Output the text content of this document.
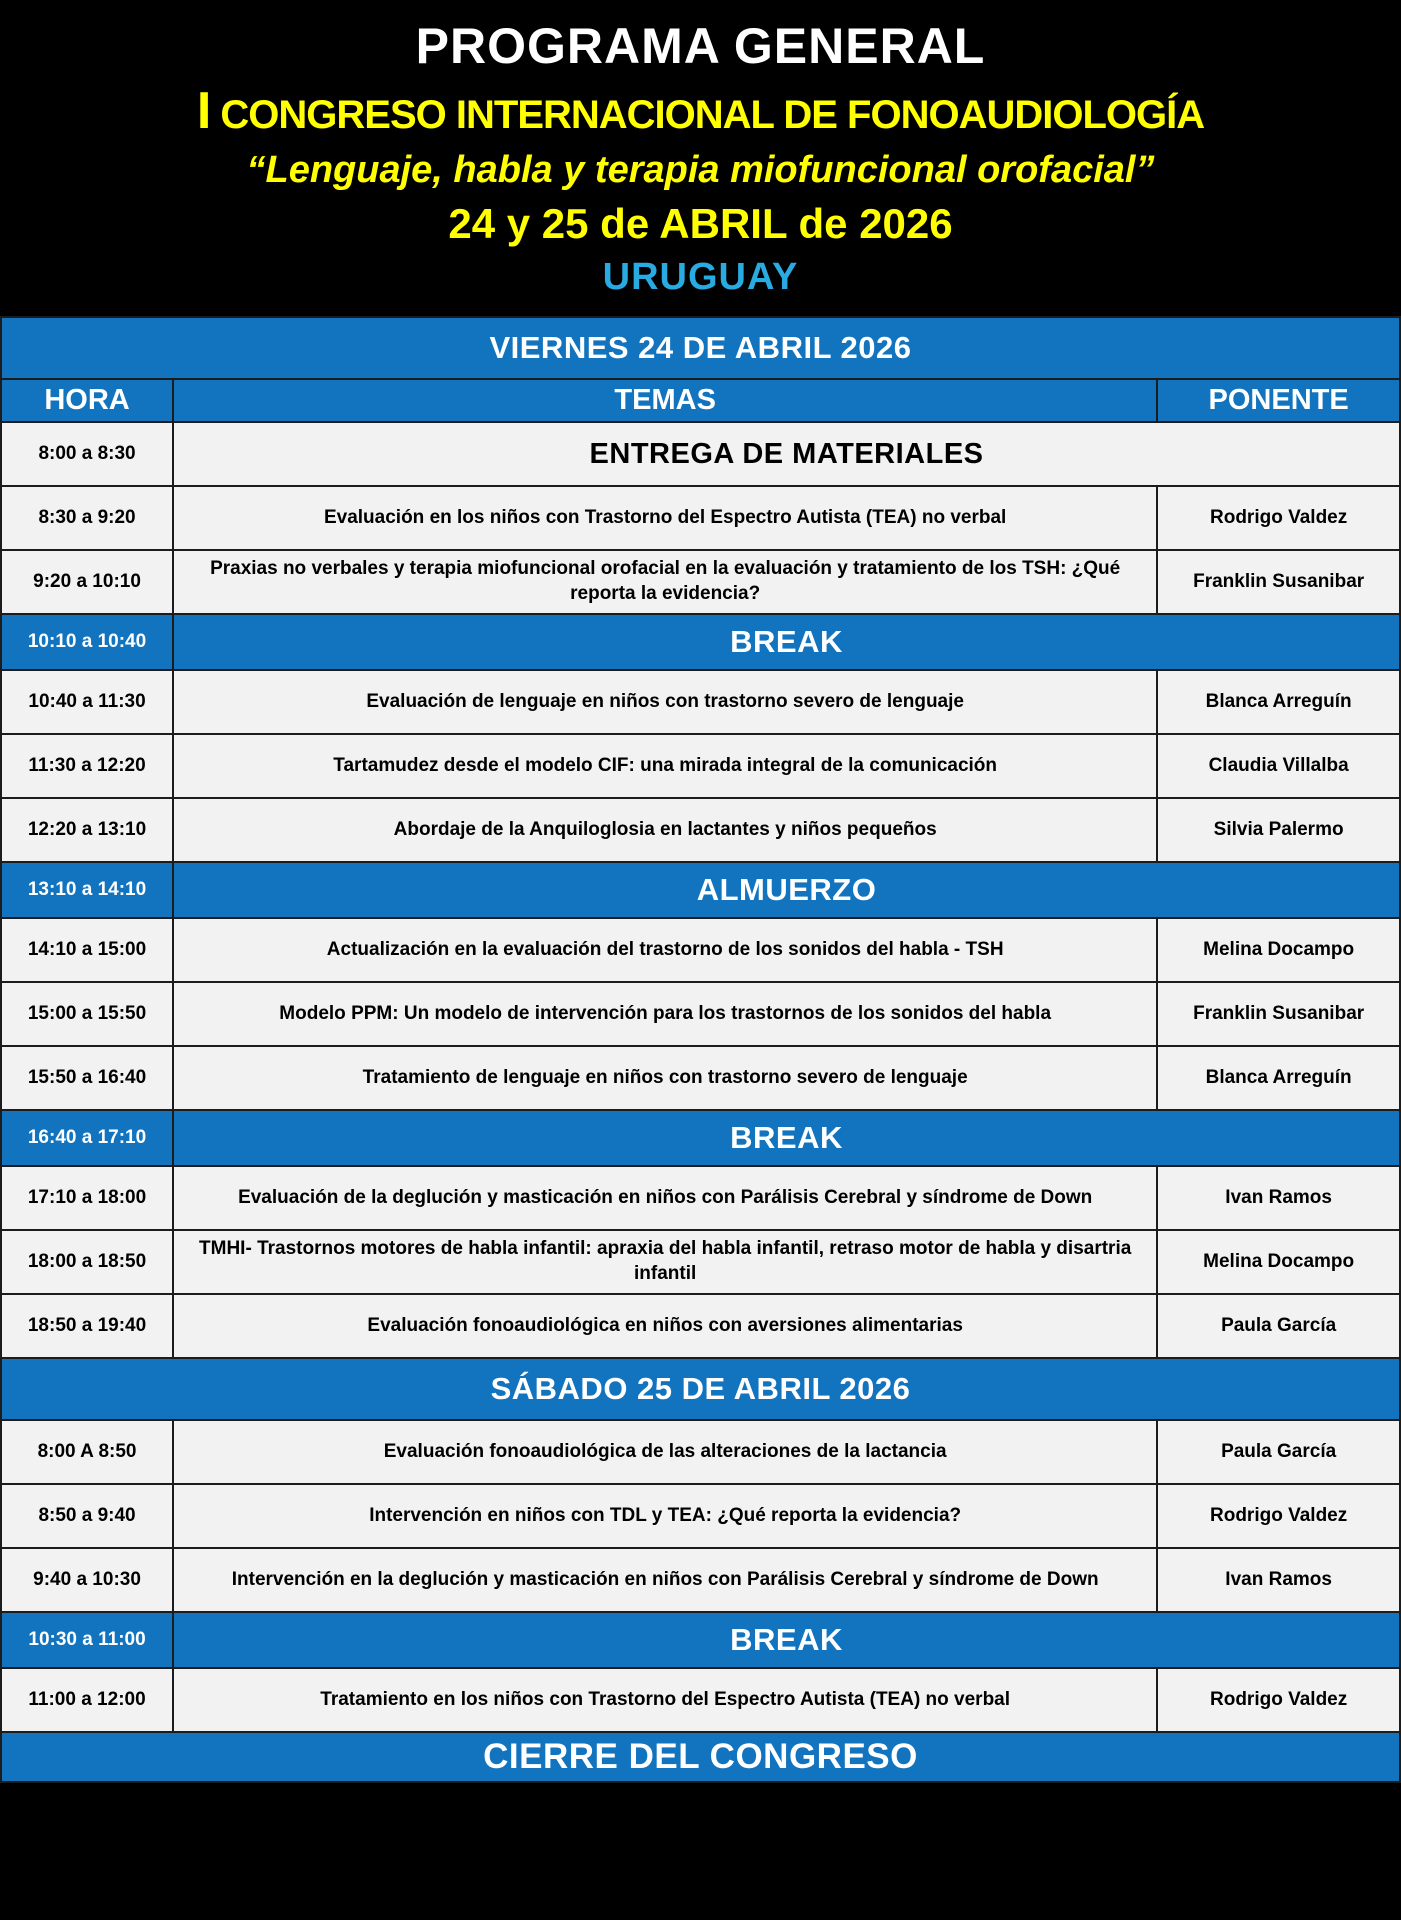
PROGRAMA GENERAL
I CONGRESO INTERNACIONAL DE FONOAUDIOLOGÍA
“Lenguaje, habla y terapia miofuncional orofacial”
24 y 25 de ABRIL de 2026
URUGUAY
VIERNES 24 DE ABRIL 2026		
HORA	TEMAS	PONENTE
8:00 a 8:30	ENTREGA DE MATERIALES	
8:30 a 9:20	Evaluación en los niños con Trastorno del Espectro Autista (TEA) no verbal	Rodrigo Valdez
9:20 a 10:10	Praxias no verbales y terapia miofuncional orofacial en la evaluación y tratamiento de los TSH: ¿Qué reporta la evidencia?	Franklin Susanibar
10:10 a 10:40	BREAK	
10:40 a 11:30	Evaluación de lenguaje en niños con trastorno severo de lenguaje	Blanca Arreguín
11:30 a 12:20	Tartamudez desde el modelo CIF: una mirada integral de la comunicación	Claudia Villalba
12:20 a 13:10	Abordaje de la Anquiloglosia en lactantes y niños pequeños	Silvia Palermo
13:10 a 14:10	ALMUERZO	
14:10 a 15:00	Actualización en la evaluación del trastorno de los sonidos del habla - TSH	Melina Docampo
15:00 a 15:50	Modelo PPM: Un modelo de intervención para los trastornos de los sonidos del habla	Franklin Susanibar
15:50 a 16:40	Tratamiento de lenguaje en niños con trastorno severo de lenguaje	Blanca Arreguín
16:40 a 17:10	BREAK	
17:10 a 18:00	Evaluación de la deglución y masticación en niños con Parálisis Cerebral y síndrome de Down	Ivan Ramos
18:00 a 18:50	TMHI- Trastornos motores de habla infantil: apraxia del habla infantil, retraso motor de habla y disartria infantil	Melina Docampo
18:50 a 19:40	Evaluación fonoaudiológica en niños con aversiones alimentarias	Paula García
SÁBADO 25 DE ABRIL 2026		
8:00 A 8:50	Evaluación fonoaudiológica de las alteraciones de la lactancia	Paula García
8:50 a 9:40	Intervención en niños con TDL y TEA: ¿Qué reporta la evidencia?	Rodrigo Valdez
9:40 a 10:30	Intervención en la deglución y masticación en niños con Parálisis Cerebral y síndrome de Down	Ivan Ramos
10:30 a 11:00	BREAK	
11:00 a 12:00	Tratamiento en los niños con Trastorno del Espectro Autista (TEA) no verbal	Rodrigo Valdez
CIERRE DEL CONGRESO		
